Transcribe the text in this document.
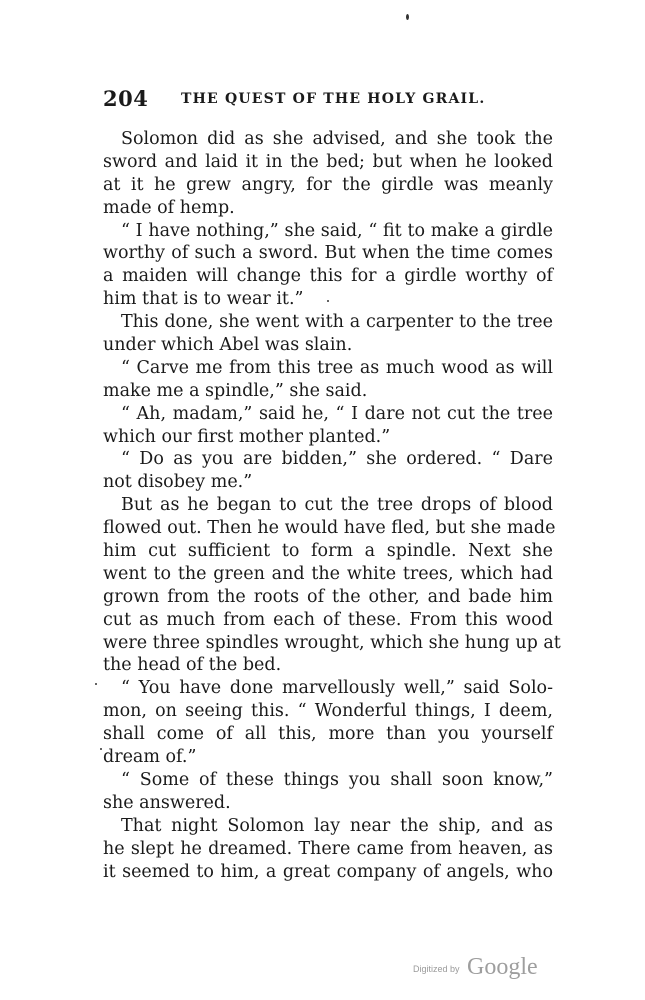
204 THE QUEST OF THE HOLY GRAIL.
Solomon did as she advised, and she took the
sword and laid it in the bed; but when he looked
at it he grew angry, for the girdle was meanly
made of hemp.
“ I have nothing,” she said, “ fit to make a girdle
worthy of such a sword. But when the time comes
a maiden will change this for a girdle worthy of
him that is to wear it.”
This done, she went with a carpenter to the tree
under which Abel was slain.
“ Carve me from this tree as much wood as will
make me a spindle,” she said.
“ Ah, madam,” said he, “ I dare not cut the tree
which our first mother planted.”
“ Do as you are bidden,” she ordered. “ Dare
not disobey me.”
But as he began to cut the tree drops of blood
flowed out. Then he would have fled, but she made
him cut sufficient to form a spindle. Next she
went to the green and the white trees, which had
grown from the roots of the other, and bade him
cut as much from each of these. From this wood
were three spindles wrought, which she hung up at
the head of the bed.
“ You have done marvellously well,” said Solo-
mon, on seeing this. “ Wonderful things, I deem,
shall come of all this, more than you yourself
dream of.”
“ Some of these things you shall soon know,”
she answered.
That night Solomon lay near the ship, and as
he slept he dreamed. There came from heaven, as
it seemed to him, a great company of angels, who
Digitized by Google
